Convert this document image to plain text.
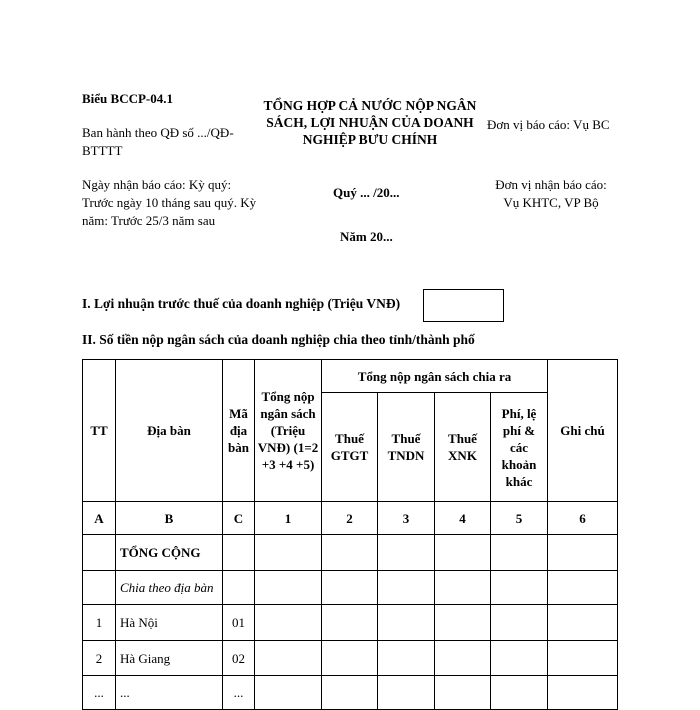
Biểu BCCP-04.1
Ban hành theo QĐ số .../QĐ-BTTTT
TỔNG HỢP CẢ NƯỚC NỘP NGÂN SÁCH, LỢI NHUẬN CỦA DOANH NGHIỆP BƯU CHÍNH
Đơn vị báo cáo: Vụ BC
Ngày nhận báo cáo: Kỳ quý: Trước ngày 10 tháng sau quý. Kỳ năm: Trước 25/3 năm sau
Quý ... /20...
Đơn vị nhận báo cáo: Vụ KHTC, VP Bộ
Năm 20...
I. Lợi nhuận trước thuế của doanh nghiệp (Triệu VNĐ)
II. Số tiền nộp ngân sách của doanh nghiệp chia theo tỉnh/thành phố
TT	Địa bàn	Mã địa bàn	Tổng nộp ngân sách (Triệu VNĐ) (1=2 +3 +4 +5)	Tổng nộp ngân sách chia ra				Ghi chú
				Thuế GTGT	Thuế TNDN	Thuế XNK	Phí, lệ phí & các khoản khác	
A	B	C	1	2	3	4	5	6
	TỔNG CỘNG							
	Chia theo địa bàn							
1	Hà Nội	01						
2	Hà Giang	02						
...	...	...						
